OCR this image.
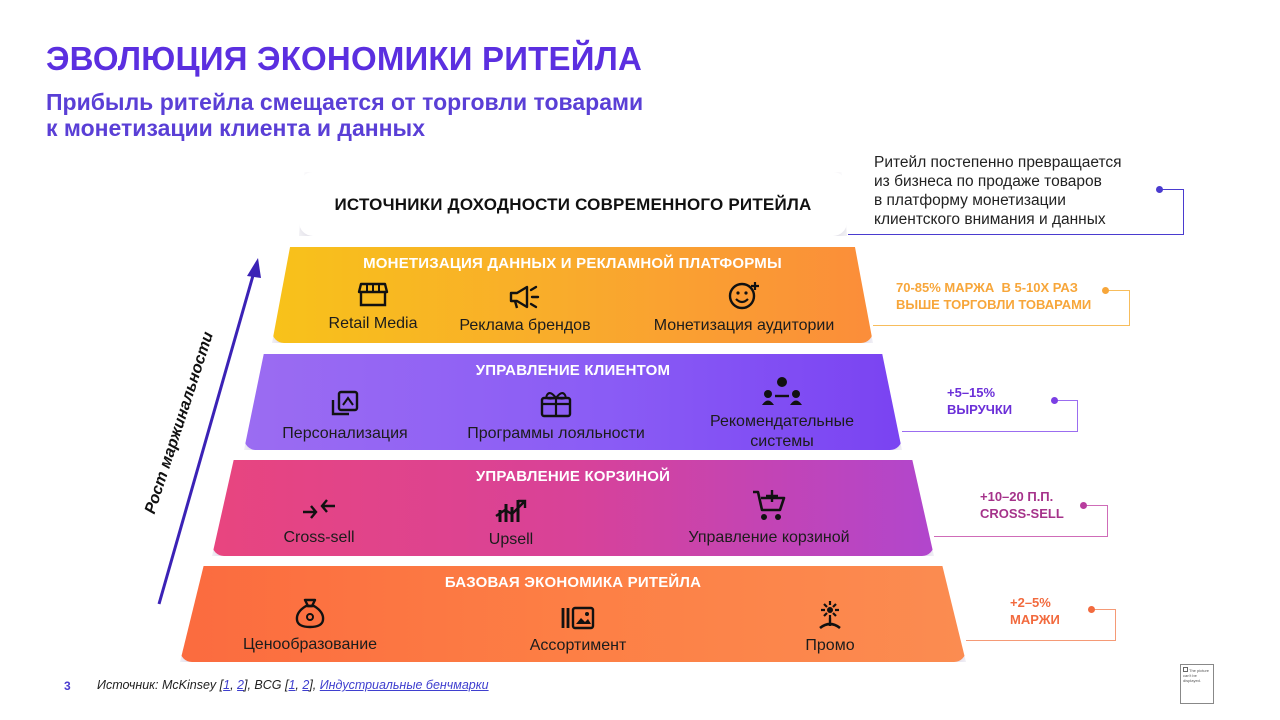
ЭВОЛЮЦИЯ ЭКОНОМИКИ РИТЕЙЛА
Прибыль ритейла смещается от торговли товарами
к монетизации клиента и данных
Ритейл постепенно превращается
из бизнеса по продаже товаров
в платформу монетизации
клиентского внимания и данных
Рост маржинальности
ИСТОЧНИКИ ДОХОДНОСТИ СОВРЕМЕННОГО РИТЕЙЛА
МОНЕТИЗАЦИЯ ДАННЫХ И РЕКЛАМНОЙ ПЛАТФОРМЫ
Retail Media	Реклама брендов	Монетизация аудитории
УПРАВЛЕНИЕ КЛИЕНТОМ
Персонализация	Программы лояльности
Рекомендательные
системы
УПРАВЛЕНИЕ КОРЗИНОЙ
Cross-sell	Upsell	Управление корзиной
БАЗОВАЯ ЭКОНОМИКА РИТЕЙЛА
Ценообразование	Ассортимент	Промо
70-85% МАРЖА  В 5-10Х РАЗ
ВЫШЕ ТОРГОВЛИ ТОВАРАМИ
+5–15%
ВЫРУЧКИ
+10–20 П.П.
CROSS-SELL
+2–5%
МАРЖИ
3 Источник: McKinsey [1, 2], BCG [1, 2], Индустриальные бенчмарки
The picture
can't be
displayed.
